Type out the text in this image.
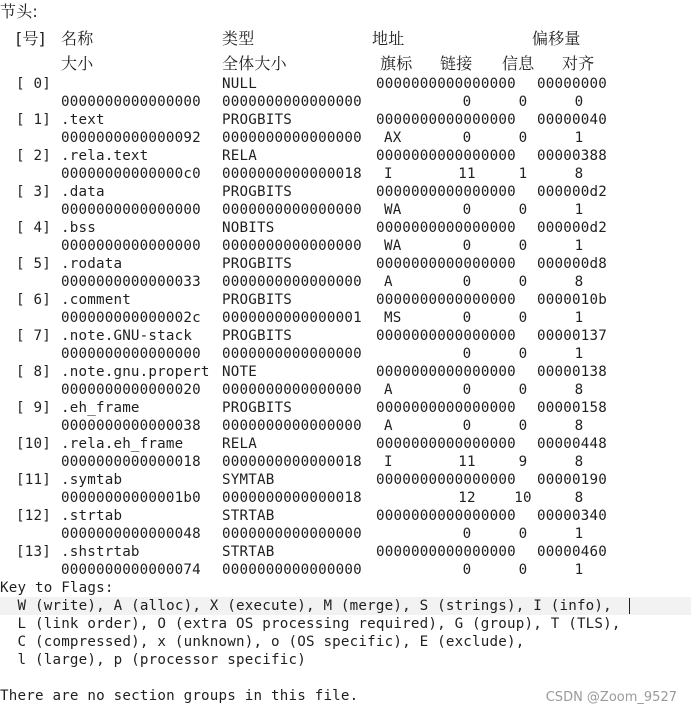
节头:
[号] 名称	类型	地址	偏移量
大小	全体大小	旗标 链接 信息 对齐
[ 0]	NULL	0000000000000000 00000000
0000000000000000 0000000000000000	0	0	0
[ 1] .text	PROGBITS	0000000000000000 00000040
0000000000000092 0000000000000000 AX	0	0	1
[ 2] .rela.text	RELA	0000000000000000 00000388
00000000000000c0 0000000000000018 I	11	1	8
[ 3] .data	PROGBITS	0000000000000000 000000d2
0000000000000000 0000000000000000 WA	0	0	1
[ 4] .bss	NOBITS	0000000000000000 000000d2
0000000000000000 0000000000000000 WA	0	0	1
[ 5] .rodata	PROGBITS	0000000000000000 000000d8
0000000000000033 0000000000000000 A	0	0	8
[ 6] .comment	PROGBITS	0000000000000000 0000010b
000000000000002c 0000000000000001 MS	0	0	1
[ 7] .note.GNU-stack PROGBITS	0000000000000000 00000137
0000000000000000 0000000000000000	0	0	1
[ 8] .note.gnu.propert NOTE	0000000000000000 00000138
0000000000000020 0000000000000000 A	0	0	8
[ 9] .eh_frame	PROGBITS	0000000000000000 00000158
0000000000000038 0000000000000000 A	0	0	8
[10] .rela.eh_frame	RELA	0000000000000000 00000448
0000000000000018 0000000000000018 I	11	9	8
[11] .symtab	SYMTAB	0000000000000000 00000190
00000000000001b0 0000000000000018	12	10	8
[12] .strtab	STRTAB	0000000000000000 00000340
0000000000000048 0000000000000000	0	0	1
[13] .shstrtab	STRTAB	0000000000000000 00000460
0000000000000074 0000000000000000	0	0	1
Key to Flags:
W (write), A (alloc), X (execute), M (merge), S (strings), I (info),
L (link order), O (extra OS processing required), G (group), T (TLS),
C (compressed), x (unknown), o (OS specific), E (exclude),
l (large), p (processor specific)
There are no section groups in this file.	CSDN @Zoom_9527
